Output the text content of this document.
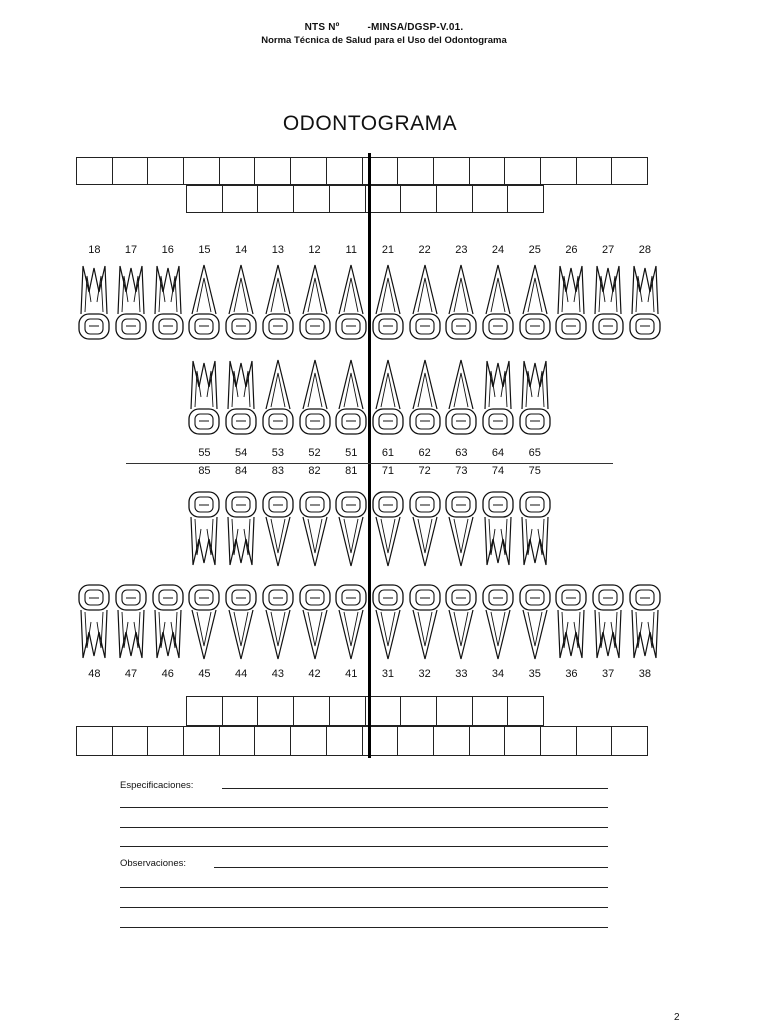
NTS Nº	-MINSA/DGSP-V.01.
Norma Técnica de Salud para el Uso del Odontograma
ODONTOGRAMA
18	17	16	15	14	13	12	11	21	22	23	24	25	26	27	28
55	54	53	52	51	61	62	63	64	65
85	84	83	82	81	71	72	73	74	75
48	47	46	45	44	43	42	41	31	32	33	34	35	36	37	38
Especificaciones:
Observaciones:
2
